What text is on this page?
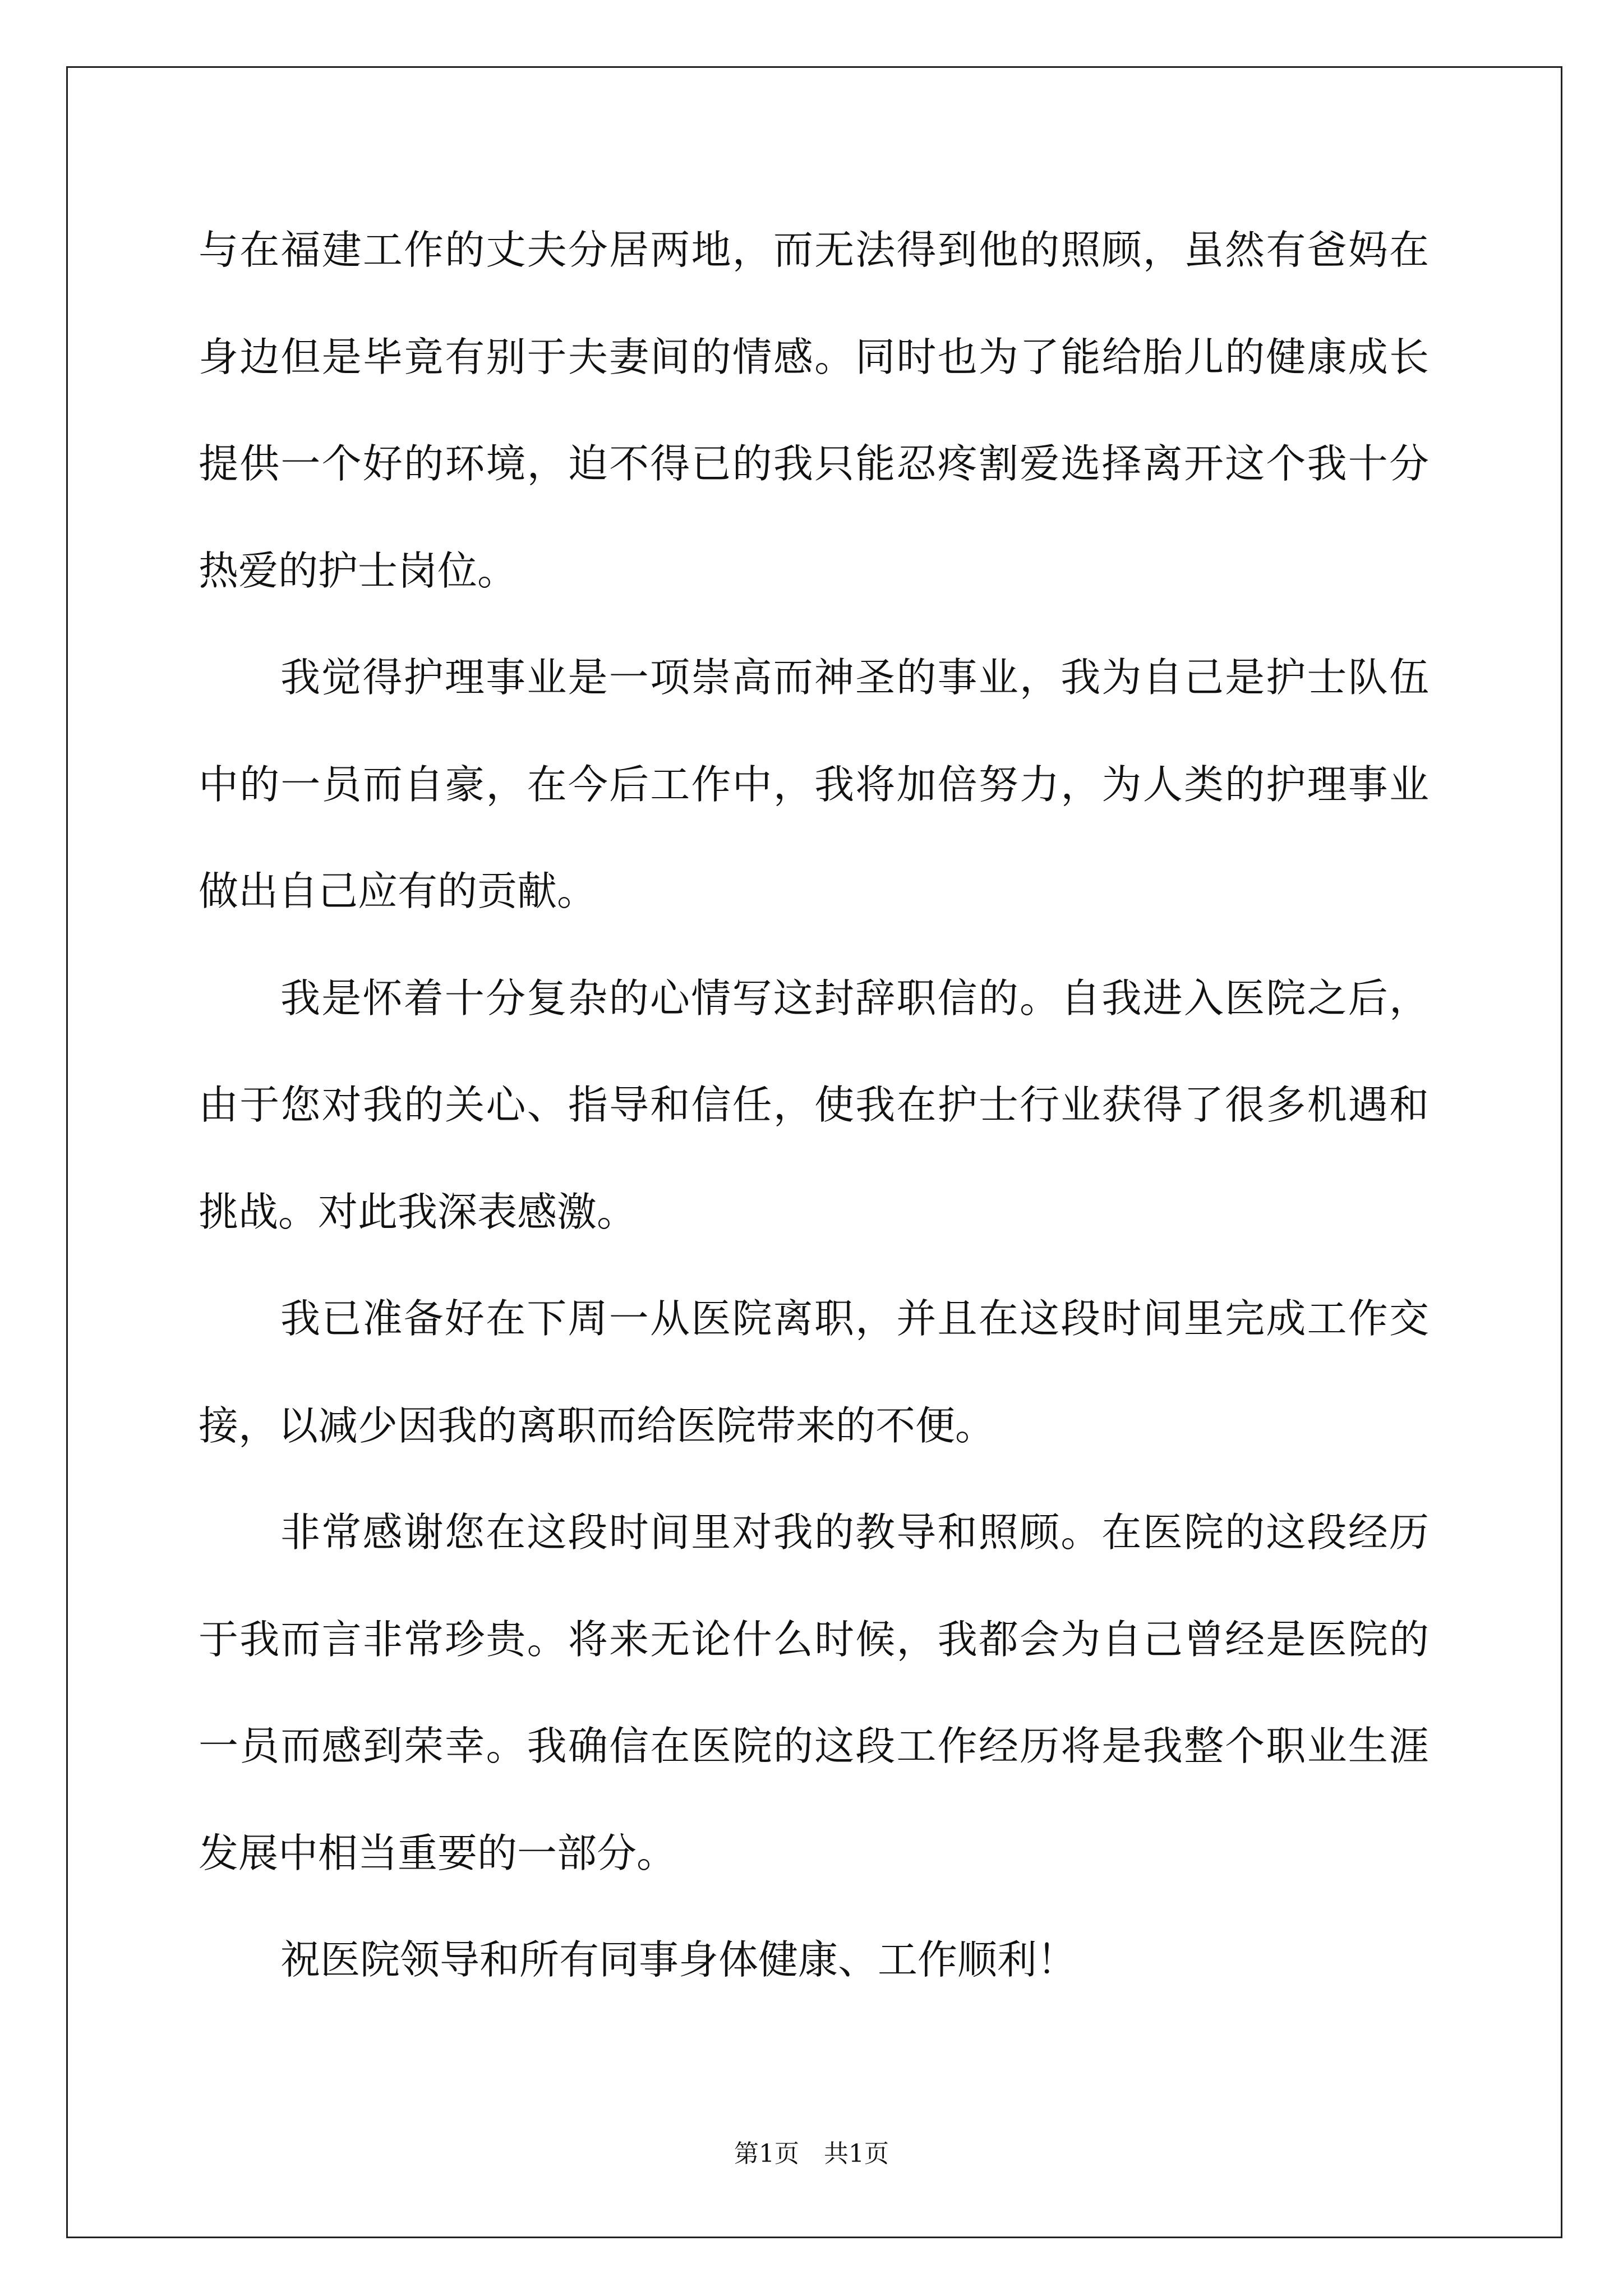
与在福建工作的丈夫分居两地，而无法得到他的照顾，虽然有爸妈在
身边但是毕竟有别于夫妻间的情感。同时也为了能给胎儿的健康成长
提供一个好的环境，迫不得已的我只能忍疼割爱选择离开这个我十分
热爱的护士岗位。
我觉得护理事业是一项崇高而神圣的事业，我为自己是护士队伍
中的一员而自豪，在今后工作中，我将加倍努力，为人类的护理事业
做出自己应有的贡献。
我是怀着十分复杂的心情写这封辞职信的。自我进入医院之后，
由于您对我的关心、指导和信任，使我在护士行业获得了很多机遇和
挑战。对此我深表感激。
我已准备好在下周一从医院离职，并且在这段时间里完成工作交
接，以减少因我的离职而给医院带来的不便。
非常感谢您在这段时间里对我的教导和照顾。在医院的这段经历
于我而言非常珍贵。将来无论什么时候，我都会为自己曾经是医院的
一员而感到荣幸。我确信在医院的这段工作经历将是我整个职业生涯
发展中相当重要的一部分。
祝医院领导和所有同事身体健康、工作顺利！
第1页 共1页
